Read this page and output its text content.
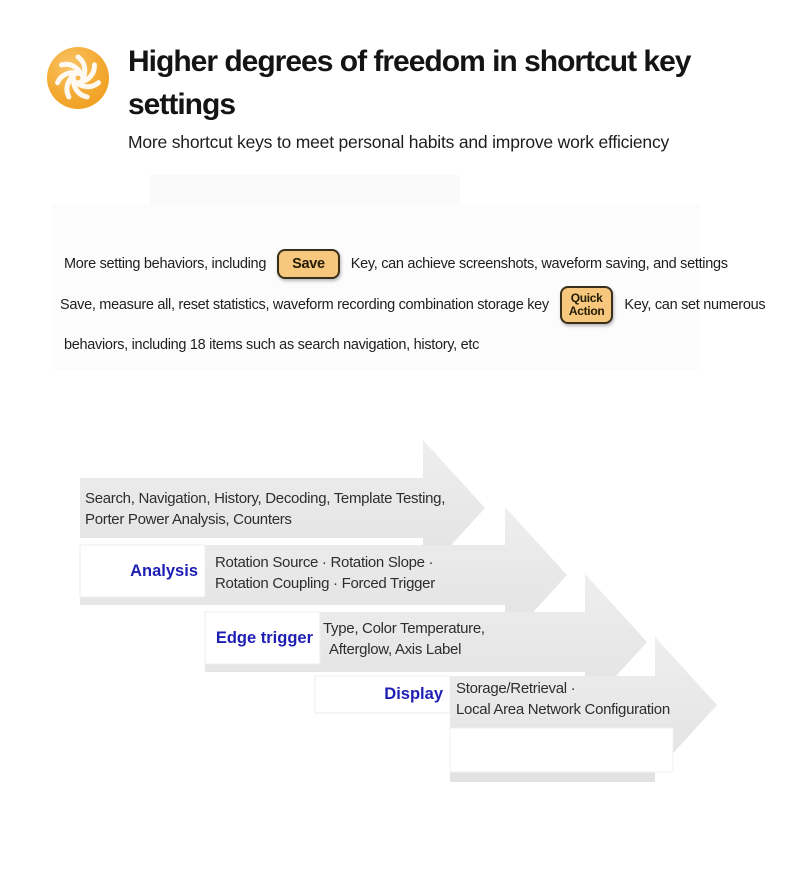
Higher degrees of freedom in shortcut key settings
More shortcut keys to meet personal habits and improve work efficiency
More setting behaviors, including	Save	Key, can achieve screenshots, waveform saving, and settings
Save, measure all, reset statistics, waveform recording combination storage key Quick
Action Key, can set numerous
behaviors, including 18 items such as search navigation, history, etc
Search, Navigation, History, Decoding, Template Testing,
Porter Power Analysis, Counters
Rotation Source · Rotation Slope ·
Rotation Coupling · Forced Trigger
Type, Color Temperature,
Afterglow, Axis Label
Storage/Retrieval ·
Local Area Network Configuration
Analysis
Edge trigger
Display
